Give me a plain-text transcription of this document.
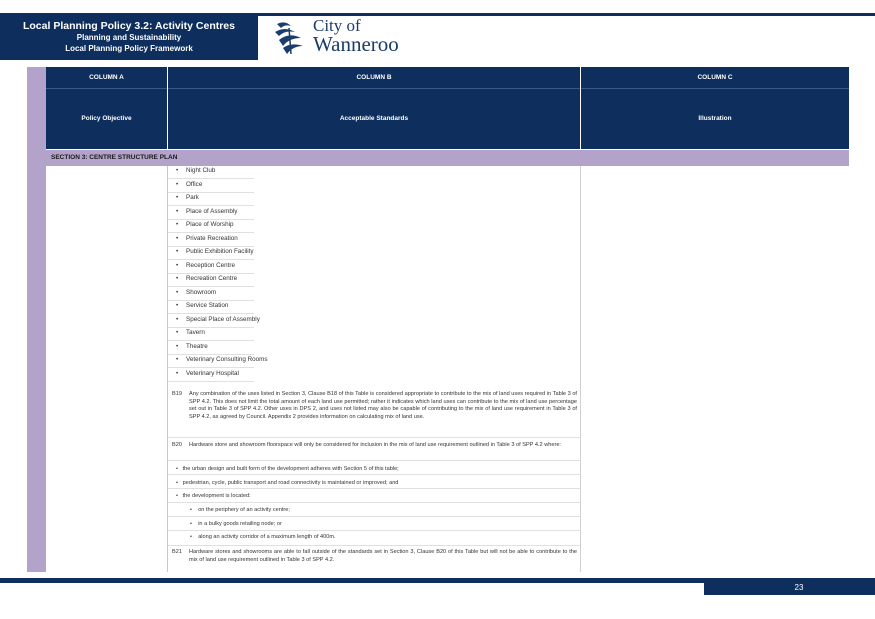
Local Planning Policy 3.2: Activity Centres
Planning and Sustainability
Local Planning Policy Framework
City of
Wanneroo
COLUMN A	COLUMN B	COLUMN C
Policy Objective	Acceptable Standards	Illustration
SECTION 3: CENTRE STRUCTURE PLAN
• Night Club
• Office
• Park
• Place of Assembly
• Place of Worship
• Private Recreation
• Public Exhibition Facility
• Reception Centre
• Recreation Centre
• Showroom
• Service Station
• Special Place of Assembly
• Tavern
• Theatre
• Veterinary Consulting Rooms
• Veterinary Hospital
B19 Any combination of the uses listed in Section 3, Clause B18 of this Table is considered appropriate to contribute to the mix of land uses required in Table 3 of SPP 4.2. This does not limit the total amount of each land use permitted; rather it indicates which land uses can contribute to the mix of land use percentage set out in Table 3 of SPP 4.2. Other uses in DPS 2, and uses not listed may also be capable of contributing to the mix of land use requirement in Table 3 of SPP 4.2, as agreed by Council. Appendix 2 provides information on calculating mix of land use.
B20 Hardware store and showroom floorspace will only be considered for inclusion in the mix of land use requirement outlined in Table 3 of SPP 4.2 where:
•   the urban design and built form of the development adheres with Section 5 of this table;
•   pedestrian, cycle, public transport and road connectivity is maintained or improved; and
•   the development is located:
•    on the periphery of an activity centre;
•    in a bulky goods retailing node; or
•    along an activity corridor of a maximum length of 400m.
B21 Hardware stores and showrooms are able to fall outside of the standards set in Section 3, Clause B20 of this Table but will not be able to contribute to the mix of land use requirement outlined in Table 3 of SPP 4.2.
23
